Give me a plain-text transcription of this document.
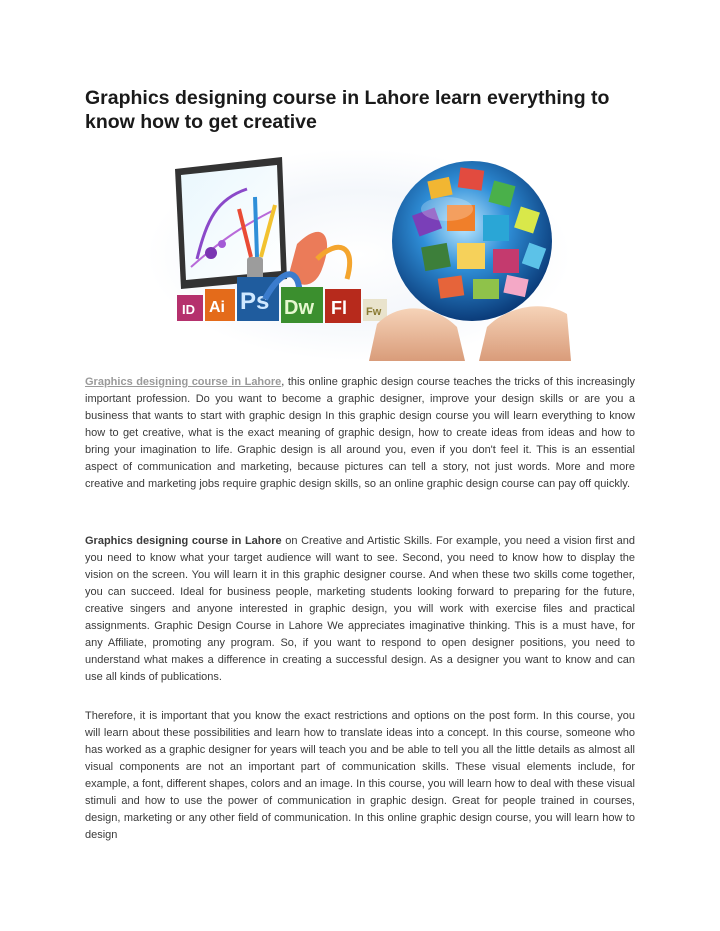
Graphics designing course in Lahore learn everything to know how to get creative
ID Ai Ps Dw Fl Fw

Graphics designing course in Lahore, this online graphic design course teaches the tricks of this increasingly important profession. Do you want to become a graphic designer, improve your design skills or are you a business that wants to start with graphic design In this graphic design course you will learn everything to know how to get creative, what is the exact meaning of graphic design, how to create ideas from ideas and how to bring your imagination to life. Graphic design is all around you, even if you don't feel it. This is an essential aspect of communication and marketing, because pictures can tell a story, not just words. More and more creative and marketing jobs require graphic design skills, so an online graphic design course can pay off quickly.

Graphics designing course in Lahore on Creative and Artistic Skills. For example, you need a vision first and you need to know what your target audience will want to see. Second, you need to know how to display the vision on the screen. You will learn it in this graphic designer course. And when these two skills come together, you can succeed. Ideal for business people, marketing students looking forward to preparing for the future, creative singers and anyone interested in graphic design, you will work with exercise files and practical assignments. Graphic Design Course in Lahore We appreciates imaginative thinking. This is a must have, for any Affiliate, promoting any program. So, if you want to respond to open designer positions, you need to understand what makes a difference in creating a successful design. As a designer you want to know and can use all kinds of publications.

Therefore, it is important that you know the exact restrictions and options on the post form. In this course, you will learn about these possibilities and learn how to translate ideas into a concept. In this course, someone who has worked as a graphic designer for years will teach you and be able to tell you all the little details as almost all visual components are not an important part of communication skills. These visual elements include, for example, a font, different shapes, colors and an image. In this course, you will learn how to deal with these visual stimuli and how to use the power of communication in graphic design. Great for people trained in courses, design, marketing or any other field of communication. In this online graphic design course, you will learn how to design
